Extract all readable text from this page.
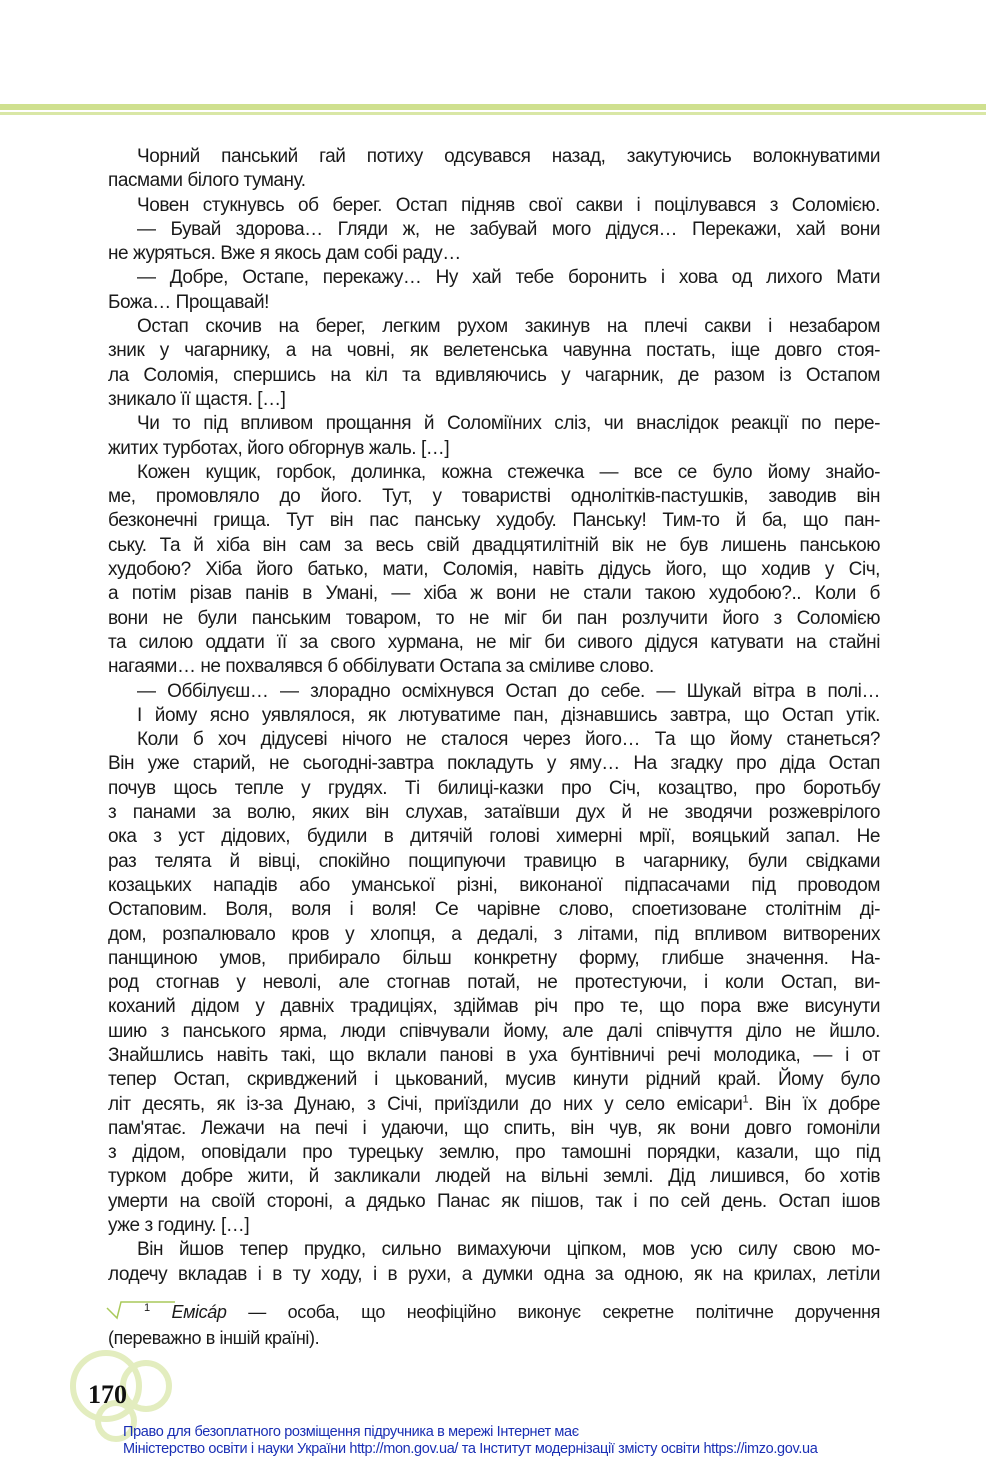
Чорний панський гай потиху одсувався назад, закутуючись волокнуватими
пасмами білого туману.
Човен стукнувсь об берег. Остап підняв свої сакви і поцілувався з Соломією.
— Бувай здорова… Гляди ж, не забувай мого дідуся… Перекажи, хай вони
не журяться. Вже я якось дам собі раду…
— Добре, Остапе, перекажу… Ну хай тебе боронить і хова од лихого Мати
Божа… Прощавай!
Остап скочив на берег, легким рухом закинув на плечі сакви і незабаром
зник у чагарнику, а на човні, як велетенська чавунна постать, іще довго стоя-
ла Соломія, спершись на кіл та вдивляючись у чагарник, де разом із Остапом
зникало її щастя. […]
Чи то під впливом прощання й Соломіїних сліз, чи внаслідок реакції по пере-
житих турботах, його обгорнув жаль. […]
Кожен кущик, горбок, долинка, кожна стежечка — все се було йому знайо-
ме, промовляло до його. Тут, у товаристві однолітків-пастушків, заводив він
безконечні грища. Тут він пас панську худобу. Панську! Тим-то й ба, що пан-
ську. Та й хіба він сам за весь свій двадцятилітній вік не був лишень панською
худобою? Хіба його батько, мати, Соломія, навіть дідусь його, що ходив у Січ,
а потім різав панів в Умані, — хіба ж вони не стали такою худобою?.. Коли б
вони не були панським товаром, то не міг би пан розлучити його з Соломією
та силою оддати її за свого хурмана, не міг би сивого дідуся катувати на стайні
нагаями… не похвалявся б оббілувати Остапа за сміливе слово.
— Оббілуєш… — злорадно осміхнувся Остап до себе. — Шукай вітра в полі…
І йому ясно уявлялося, як лютуватиме пан, дізнавшись завтра, що Остап утік.
Коли б хоч дідусеві нічого не сталося через його… Та що йому станеться?
Він уже старий, не сьогодні-завтра покладуть у яму… На згадку про діда Остап
почув щось тепле у грудях. Ті билиці-казки про Січ, козацтво, про боротьбу
з панами за волю, яких він слухав, затаївши дух й не зводячи розжеврілого
ока з уст дідових, будили в дитячій голові химерні мрії, вояцький запал. Не
раз телята й вівці, спокійно пощипуючи травицю в чагарнику, були свідками
козацьких нападів або уманської різні, виконаної підпасачами під проводом
Остаповим. Воля, воля і воля! Се чарівне слово, споетизоване столітнім ді-
дом, розпалювало кров у хлопця, а дедалі, з літами, під впливом витворених
панщиною умов, прибирало більш конкретну форму, глибше значення. На-
род стогнав у неволі, але стогнав потай, не протестуючи, і коли Остап, ви-
коханий дідом у давніх традиціях, здіймав річ про те, що пора вже висунути
шию з панського ярма, люди співчували йому, але далі співчуття діло не йшло.
Знайшлись навіть такі, що вклали панові в уха бунтівничі речі молодика, — і от
тепер Остап, скривджений і цькований, мусив кинути рідний край. Йому було
літ десять, як із-за Дунаю, з Січі, приїздили до них у село емісари$^1$. Він їх добре
пам'ятає. Лежачи на печі і удаючи, що спить, він чув, як вони довго гомоніли
з дідом, оповідали про турецьку землю, про тамошні порядки, казали, що під
турком добре жити, й закликали людей на вільні землі. Дід лишився, бо хотів
умерти на своїй стороні, а дядько Панас як пішов, так і по сей день. Остап ішов
уже з годину. […]
Він йшов тепер прудко, сильно вимахуючи ціпком, мов усю силу свою мо-
лодечу вкладав і в ту ходу, і в рухи, а думки одна за одною, як на крилах, летіли
$^1$ Емісáр — особа, що неофіційно виконує секретне політичне доручення
(переважно в іншій країні).
170
Право для безоплатного розміщення підручника в мережі Інтернет має
Міністерство освіти і науки України http://mon.gov.ua/ та Інститут модернізації змісту освіти https://imzo.gov.ua
